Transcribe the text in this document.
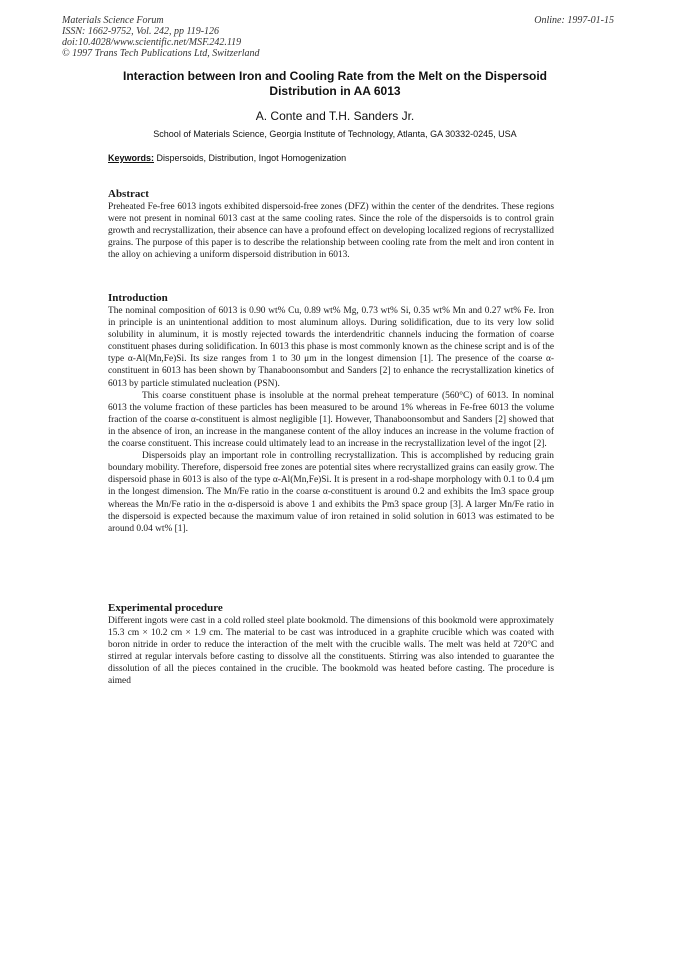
Materials Science Forum
ISSN: 1662-9752, Vol. 242, pp 119-126
doi:10.4028/www.scientific.net/MSF.242.119
© 1997 Trans Tech Publications Ltd, Switzerland
Online: 1997-01-15
Interaction between Iron and Cooling Rate from the Melt on the Dispersoid Distribution in AA 6013
A. Conte and T.H. Sanders Jr.
School of Materials Science, Georgia Institute of Technology, Atlanta, GA 30332-0245, USA
Keywords: Dispersoids, Distribution, Ingot Homogenization
Abstract

Preheated Fe-free 6013 ingots exhibited dispersoid-free zones (DFZ) within the center of the dendrites. These regions were not present in nominal 6013 cast at the same cooling rates. Since the role of the dispersoids is to control grain growth and recrystallization, their absence can have a profound effect on developing localized regions of recrystallized grains. The purpose of this paper is to describe the relationship between cooling rate from the melt and iron content in the alloy on achieving a uniform dispersoid distribution in 6013.

Introduction

The nominal composition of 6013 is 0.90 wt% Cu, 0.89 wt% Mg, 0.73 wt% Si, 0.35 wt% Mn and 0.27 wt% Fe. Iron in principle is an unintentional addition to most aluminum alloys. During solidification, due to its very low solid solubility in aluminum, it is mostly rejected towards the interdendritic channels inducing the formation of coarse constituent phases during solidification. In 6013 this phase is most commonly known as the chinese script and is of the type α-Al(Mn,Fe)Si. Its size ranges from 1 to 30 μm in the longest dimension [1]. The presence of the coarse α-constituent in 6013 has been shown by Thanaboonsombut and Sanders [2] to enhance the recrystallization kinetics of 6013 by particle stimulated nucleation (PSN).

This coarse constituent phase is insoluble at the normal preheat temperature (560°C) of 6013. In nominal 6013 the volume fraction of these particles has been measured to be around 1% whereas in Fe-free 6013 the volume fraction of the coarse α-constituent is almost negligible [1]. However, Thanaboonsombut and Sanders [2] showed that in the absence of iron, an increase in the manganese content of the alloy induces an increase in the volume fraction of the coarse constituent. This increase could ultimately lead to an increase in the recrystallization level of the ingot [2].

Dispersoids play an important role in controlling recrystallization. This is accomplished by reducing grain boundary mobility. Therefore, dispersoid free zones are potential sites where recrystallized grains can easily grow. The dispersoid phase in 6013 is also of the type α-Al(Mn,Fe)Si. It is present in a rod-shape morphology with 0.1 to 0.4 μm in the longest dimension. The Mn/Fe ratio in the coarse α-constituent is around 0.2 and exhibits the Im3 space group whereas the Mn/Fe ratio in the α-dispersoid is above 1 and exhibits the Pm3 space group [3]. A larger Mn/Fe ratio in the dispersoid is expected because the maximum value of iron retained in solid solution in 6013 was estimated to be around 0.04 wt% [1].

Experimental procedure

Different ingots were cast in a cold rolled steel plate bookmold. The dimensions of this bookmold were approximately 15.3 cm × 10.2 cm × 1.9 cm. The material to be cast was introduced in a graphite crucible which was coated with boron nitride in order to reduce the interaction of the melt with the crucible walls. The melt was held at 720°C and stirred at regular intervals before casting to dissolve all the constituents. Stirring was also intended to guarantee the dissolution of all the pieces contained in the crucible. The bookmold was heated before casting. The procedure is aimed
